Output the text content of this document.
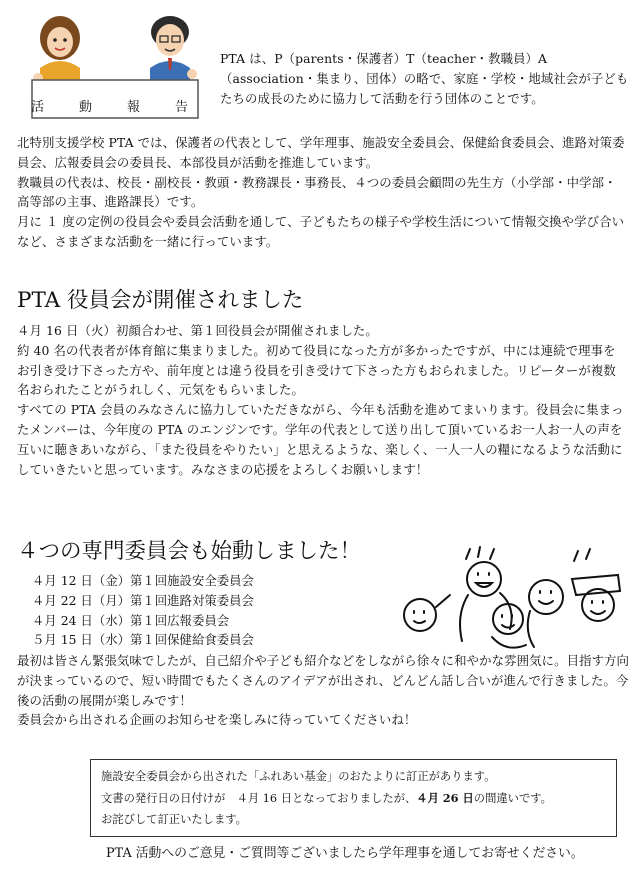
活　動　報　告

PTA は、P（parents・保護者）T（teacher・教職員）A（association・集まり、団体）の略で、家庭・学校・地域社会が子どもたちの成長のために協力して活動を行う団体のことです。

北特別支援学校 PTA では、保護者の代表として、学年理事、施設安全委員会、保健給食委員会、進路対策委員会、広報委員会の委員長、本部役員が活動を推進しています。

教職員の代表は、校長・副校長・教頭・教務課長・事務長、４つの委員会顧問の先生方（小学部・中学部・高等部の主事、進路課長）です。

月に １ 度の定例の役員会や委員会活動を通して、子どもたちの様子や学校生活について情報交換や学び合いなど、さまざまな活動を一緒に行っています。

PTA 役員会が開催されました

４月 16 日（火）初顔合わせ、第１回役員会が開催されました。

約 40 名の代表者が体育館に集まりました。初めて役員になった方が多かったですが、中には連続で理事をお引き受け下さった方や、前年度とは違う役員を引き受けて下さった方もおられました。リピーターが複数名おられたことがうれしく、元気をもらいました。

すべての PTA 会員のみなさんに協力していただきながら、今年も活動を進めてまいります。役員会に集まったメンバーは、今年度の PTA のエンジンです。学年の代表として送り出して頂いているお一人お一人の声を互いに聴きあいながら、「また役員をやりたい」と思えるような、楽しく、一人一人の糧になるような活動にしていきたいと思っています。みなさまの応援をよろしくお願いします！

４つの専門委員会も始動しました！
４月 12 日（金）第１回施設安全委員会
４月 22 日（月）第１回進路対策委員会
４月 24 日（水）第１回広報委員会
５月 15 日（水）第１回保健給食委員会

最初は皆さん緊張気味でしたが、自己紹介や子ども紹介などをしながら徐々に和やかな雰囲気に。目指す方向が決まっているので、短い時間でもたくさんのアイデアが出され、どんどん話し合いが進んで行きました。今後の活動の展開が楽しみです！

委員会から出される企画のお知らせを楽しみに待っていてくださいね！

施設安全委員会から出された「ふれあい基金」のおたよりに訂正があります。
文書の発行日の日付けが　４月 16 日となっておりましたが、４月 26 日の間違いです。
お詫びして訂正いたします。

PTA 活動へのご意見・ご質問等ございましたら学年理事を通してお寄せください。
